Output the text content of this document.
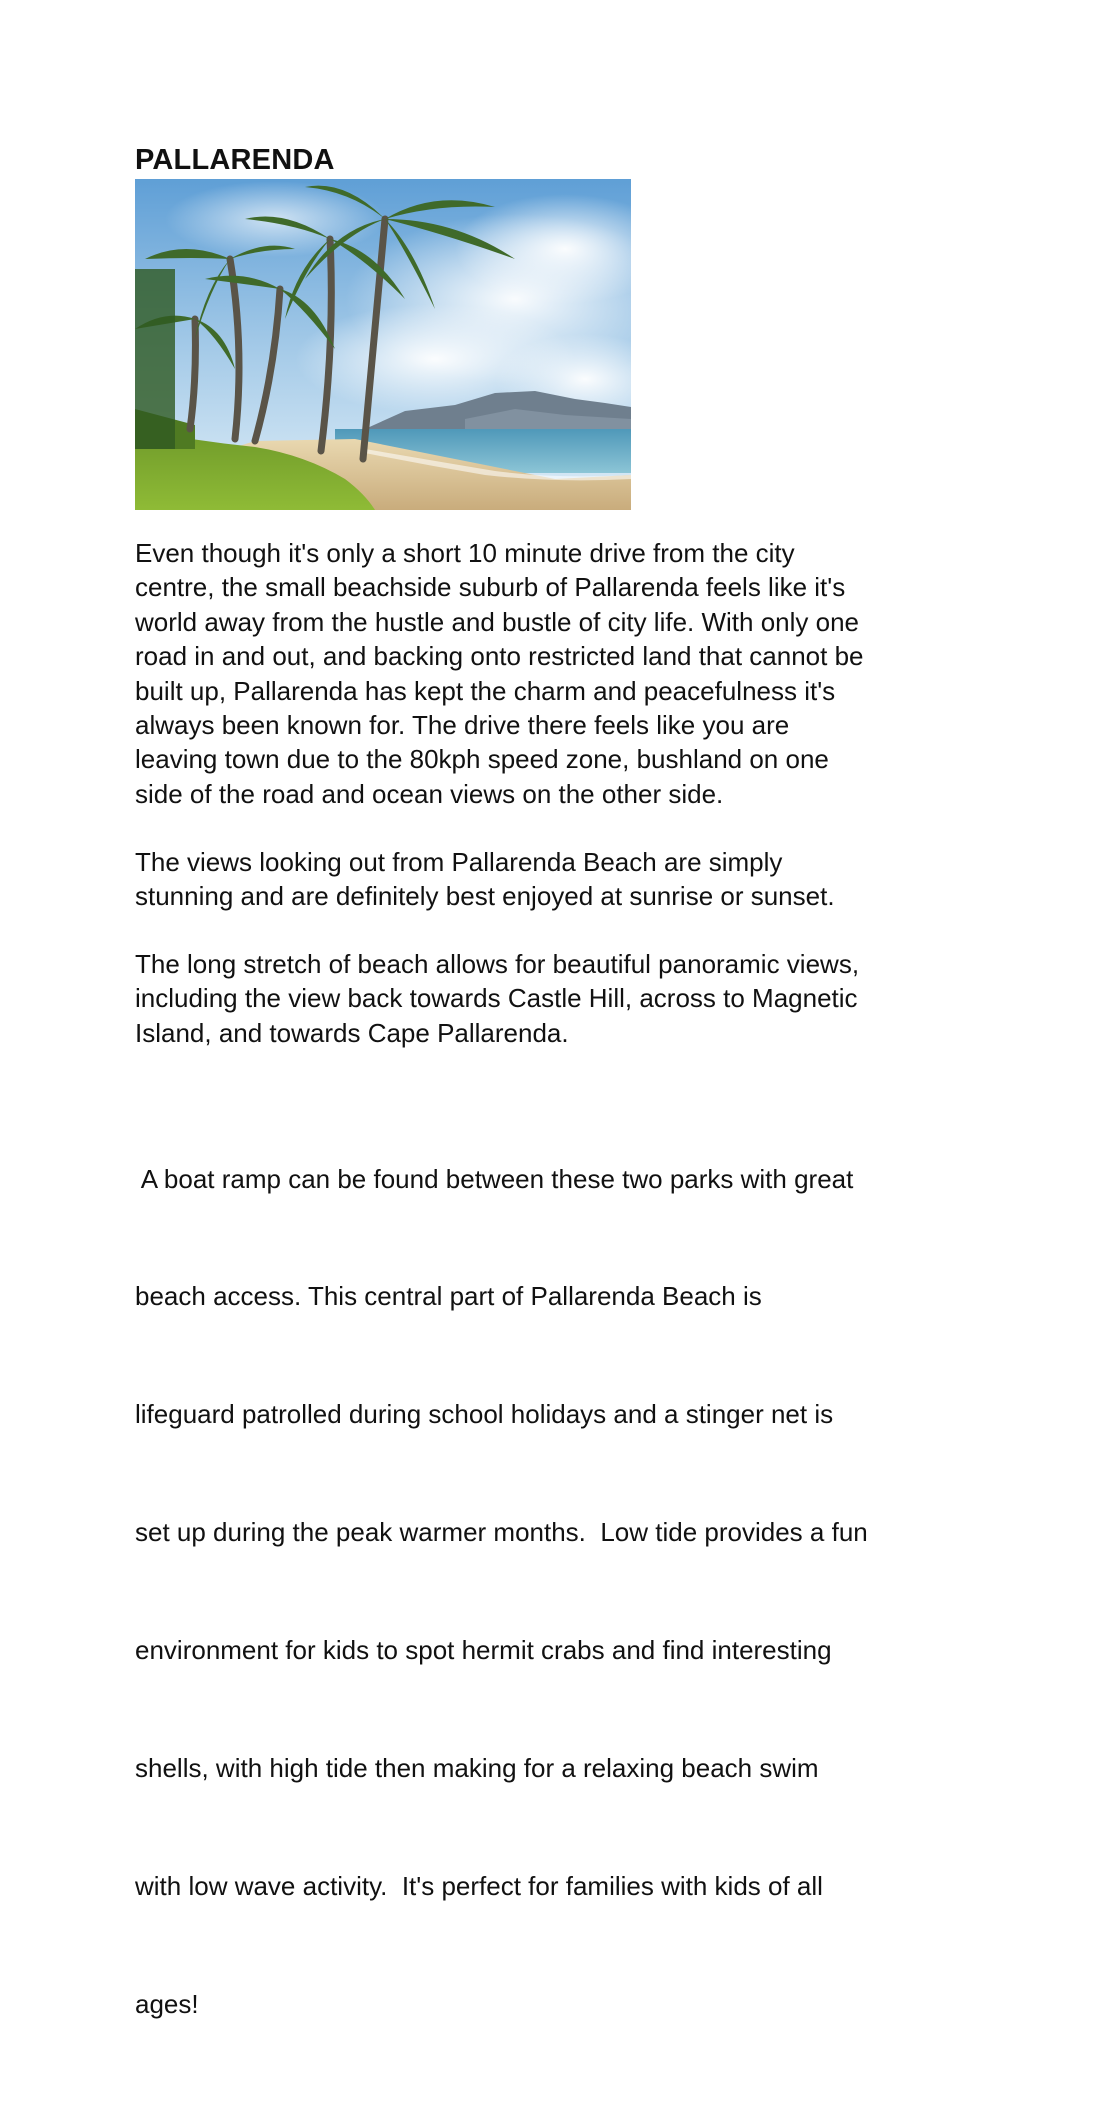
PALLARENDA

Even though it's only a short 10 minute drive from the city
centre, the small beachside suburb of Pallarenda feels like it's
world away from the hustle and bustle of city life. With only one
road in and out, and backing onto restricted land that cannot be
built up, Pallarenda has kept the charm and peacefulness it's
always been known for. The drive there feels like you are
leaving town due to the 80kph speed zone, bushland on one
side of the road and ocean views on the other side.

The views looking out from Pallarenda Beach are simply
stunning and are definitely best enjoyed at sunrise or sunset.

The long stretch of beach allows for beautiful panoramic views,
including the view back towards Castle Hill, across to Magnetic
Island, and towards Cape Pallarenda.

A boat ramp can be found between these two parks with great

beach access. This central part of Pallarenda Beach is

lifeguard patrolled during school holidays and a stinger net is

set up during the peak warmer months.  Low tide provides a fun

environment for kids to spot hermit crabs and find interesting

shells, with high tide then making for a relaxing beach swim

with low wave activity.  It's perfect for families with kids of all

ages!
